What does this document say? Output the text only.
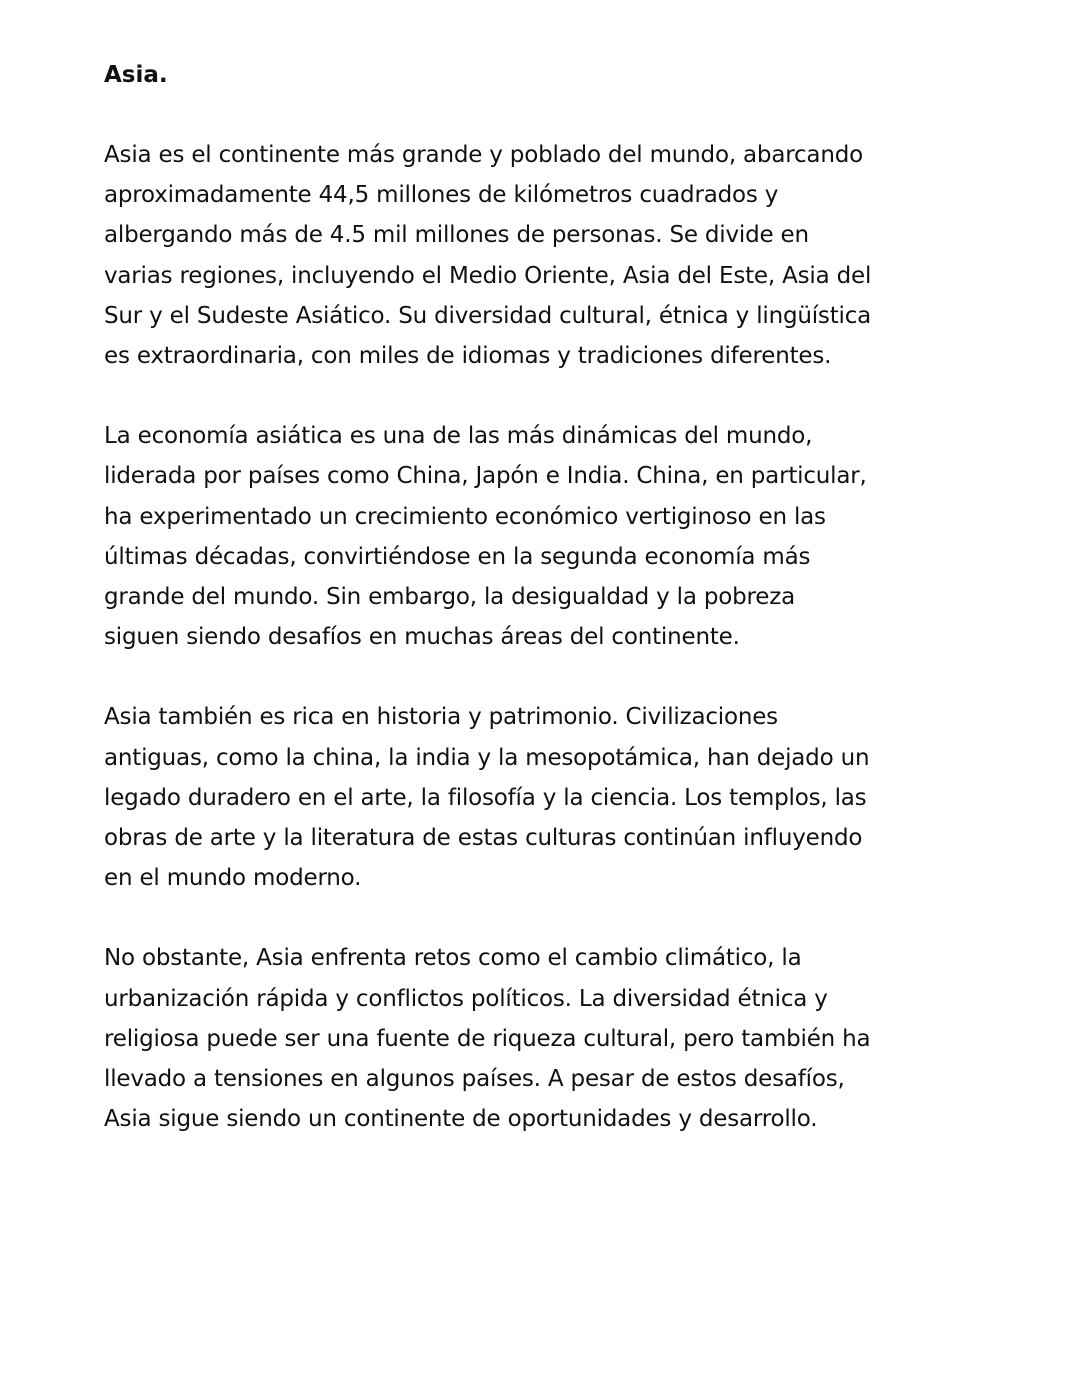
Asia.
Asia es el continente más grande y poblado del mundo, abarcando
aproximadamente 44,5 millones de kilómetros cuadrados y
albergando más de 4.5 mil millones de personas. Se divide en
varias regiones, incluyendo el Medio Oriente, Asia del Este, Asia del
Sur y el Sudeste Asiático. Su diversidad cultural, étnica y lingüística
es extraordinaria, con miles de idiomas y tradiciones diferentes.
La economía asiática es una de las más dinámicas del mundo,
liderada por países como China, Japón e India. China, en particular,
ha experimentado un crecimiento económico vertiginoso en las
últimas décadas, convirtiéndose en la segunda economía más
grande del mundo. Sin embargo, la desigualdad y la pobreza
siguen siendo desafíos en muchas áreas del continente.
Asia también es rica en historia y patrimonio. Civilizaciones
antiguas, como la china, la india y la mesopotámica, han dejado un
legado duradero en el arte, la filosofía y la ciencia. Los templos, las
obras de arte y la literatura de estas culturas continúan influyendo
en el mundo moderno.
No obstante, Asia enfrenta retos como el cambio climático, la
urbanización rápida y conflictos políticos. La diversidad étnica y
religiosa puede ser una fuente de riqueza cultural, pero también ha
llevado a tensiones en algunos países. A pesar de estos desafíos,
Asia sigue siendo un continente de oportunidades y desarrollo.
